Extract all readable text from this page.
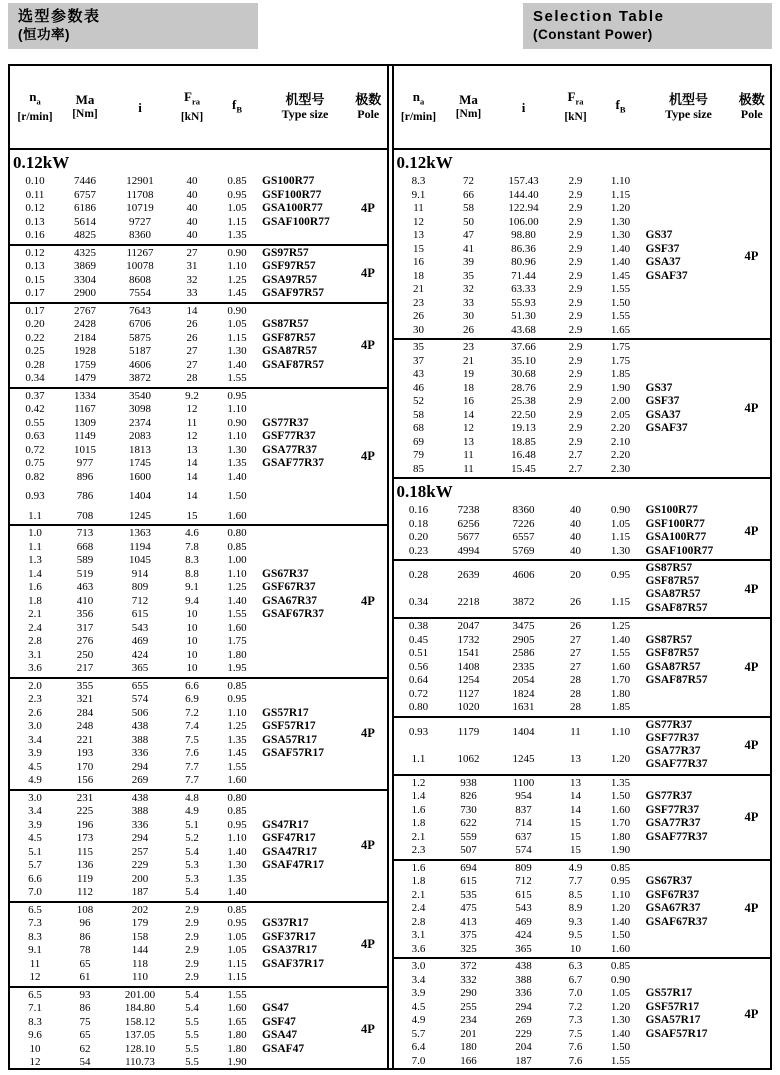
选型参数表
(恒功率)
Selection Table
(Constant Power)
$n_a$
[r/min]
Ma
[Nm]	i
$F_{ra}$
[kN]
$f_B$
机型号
Type size
极数
Pole
0.12kW
0.10	7446	12901	40	0.85
0.11	6757	11708	40	0.95
0.12	6186	10719	40	1.05
0.13	5614	9727	40	1.15
0.16	4825	8360	40	1.35
GS100R77
GSF100R77
GSA100R77
GSAF100R77
4P
0.12	4325	11267	27	0.90
0.13	3869	10078	31	1.10
0.15	3304	8608	32	1.25
0.17	2900	7554	33	1.45
GS97R57
GSF97R57
GSA97R57
GSAF97R57
4P
0.17	2767	7643	14	0.90
0.20	2428	6706	26	1.05
0.22	2184	5875	26	1.15
0.25	1928	5187	27	1.30
0.28	1759	4606	27	1.40
0.34	1479	3872	28	1.55
GS87R57
GSF87R57
GSA87R57
GSAF87R57
4P
0.37	1334	3540	9.2	0.95
0.42	1167	3098	12	1.10
0.55	1309	2374	11	0.90
0.63	1149	2083	12	1.10
0.72	1015	1813	13	1.30
0.75	977	1745	14	1.35
0.82	896	1600	14	1.40
0.93	786	1404	14	1.50
1.1	708	1245	15	1.60
GS77R37
GSF77R37
GSA77R37
GSAF77R37
4P
1.0	713	1363	4.6	0.80
1.1	668	1194	7.8	0.85
1.3	589	1045	8.3	1.00
1.4	519	914	8.8	1.10
1.6	463	809	9.1	1.25
1.8	410	712	9.4	1.40
2.1	356	615	10	1.55
2.4	317	543	10	1.60
2.8	276	469	10	1.75
3.1	250	424	10	1.80
3.6	217	365	10	1.95
GS67R37
GSF67R37
GSA67R37
GSAF67R37
4P
2.0	355	655	6.6	0.85
2.3	321	574	6.9	0.95
2.6	284	506	7.2	1.10
3.0	248	438	7.4	1.25
3.4	221	388	7.5	1.35
3.9	193	336	7.6	1.45
4.5	170	294	7.7	1.55
4.9	156	269	7.7	1.60
GS57R17
GSF57R17
GSA57R17
GSAF57R17
4P
3.0	231	438	4.8	0.80
3.4	225	388	4.9	0.85
3.9	196	336	5.1	0.95
4.5	173	294	5.2	1.10
5.1	115	257	5.4	1.40
5.7	136	229	5.3	1.30
6.6	119	200	5.3	1.35
7.0	112	187	5.4	1.40
GS47R17
GSF47R17
GSA47R17
GSAF47R17
4P
6.5	108	202	2.9	0.85
7.3	96	179	2.9	0.95
8.3	86	158	2.9	1.05
9.1	78	144	2.9	1.05
11	65	118	2.9	1.15
12	61	110	2.9	1.15
GS37R17
GSF37R17
GSA37R17
GSAF37R17
4P
6.5	93	201.00	5.4	1.55
7.1	86	184.80	5.4	1.60
8.3	75	158.12	5.5	1.65
9.6	65	137.05	5.5	1.80
10	62	128.10	5.5	1.80
12	54	110.73	5.5	1.90
GS47
GSF47
GSA47
GSAF47
4P
$n_a$
[r/min]
Ma
[Nm]	i
$F_{ra}$
[kN]
$f_B$
机型号
Type size
极数
Pole
0.12kW
8.3	72	157.43	2.9	1.10
9.1	66	144.40	2.9	1.15
11	58	122.94	2.9	1.20
12	50	106.00	2.9	1.30
13	47	98.80	2.9	1.30
15	41	86.36	2.9	1.40
16	39	80.96	2.9	1.40
18	35	71.44	2.9	1.45
21	32	63.33	2.9	1.55
23	33	55.93	2.9	1.50
26	30	51.30	2.9	1.55
30	26	43.68	2.9	1.65
GS37
GSF37
GSA37
GSAF37
4P
35	23	37.66	2.9	1.75
37	21	35.10	2.9	1.75
43	19	30.68	2.9	1.85
46	18	28.76	2.9	1.90
52	16	25.38	2.9	2.00
58	14	22.50	2.9	2.05
68	12	19.13	2.9	2.20
69	13	18.85	2.9	2.10
79	11	16.48	2.7	2.20
85	11	15.45	2.7	2.30
GS37
GSF37
GSA37
GSAF37
4P
0.18kW
0.16	7238	8360	40	0.90
0.18	6256	7226	40	1.05
0.20	5677	6557	40	1.15
0.23	4994	5769	40	1.30
GS100R77
GSF100R77
GSA100R77
GSAF100R77
4P
0.28	2639	4606	20	0.95
0.34	2218	3872	26	1.15
GS87R57
GSF87R57
GSA87R57
GSAF87R57
4P
0.38	2047	3475	26	1.25
0.45	1732	2905	27	1.40
0.51	1541	2586	27	1.55
0.56	1408	2335	27	1.60
0.64	1254	2054	28	1.70
0.72	1127	1824	28	1.80
0.80	1020	1631	28	1.85
GS87R57
GSF87R57
GSA87R57
GSAF87R57
4P
0.93	1179	1404	11	1.10
1.1	1062	1245	13	1.20
GS77R37
GSF77R37
GSA77R37
GSAF77R37
4P
1.2	938	1100	13	1.35
1.4	826	954	14	1.50
1.6	730	837	14	1.60
1.8	622	714	15	1.70
2.1	559	637	15	1.80
2.3	507	574	15	1.90
GS77R37
GSF77R37
GSA77R37
GSAF77R37
4P
1.6	694	809	4.9	0.85
1.8	615	712	7.7	0.95
2.1	535	615	8.5	1.10
2.4	475	543	8.9	1.20
2.8	413	469	9.3	1.40
3.1	375	424	9.5	1.50
3.6	325	365	10	1.60
GS67R37
GSF67R37
GSA67R37
GSAF67R37
4P
3.0	372	438	6.3	0.85
3.4	332	388	6.7	0.90
3.9	290	336	7.0	1.05
4.5	255	294	7.2	1.20
4.9	234	269	7.3	1.30
5.7	201	229	7.5	1.40
6.4	180	204	7.6	1.50
7.0	166	187	7.6	1.55
GS57R17
GSF57R17
GSA57R17
GSAF57R17
4P
